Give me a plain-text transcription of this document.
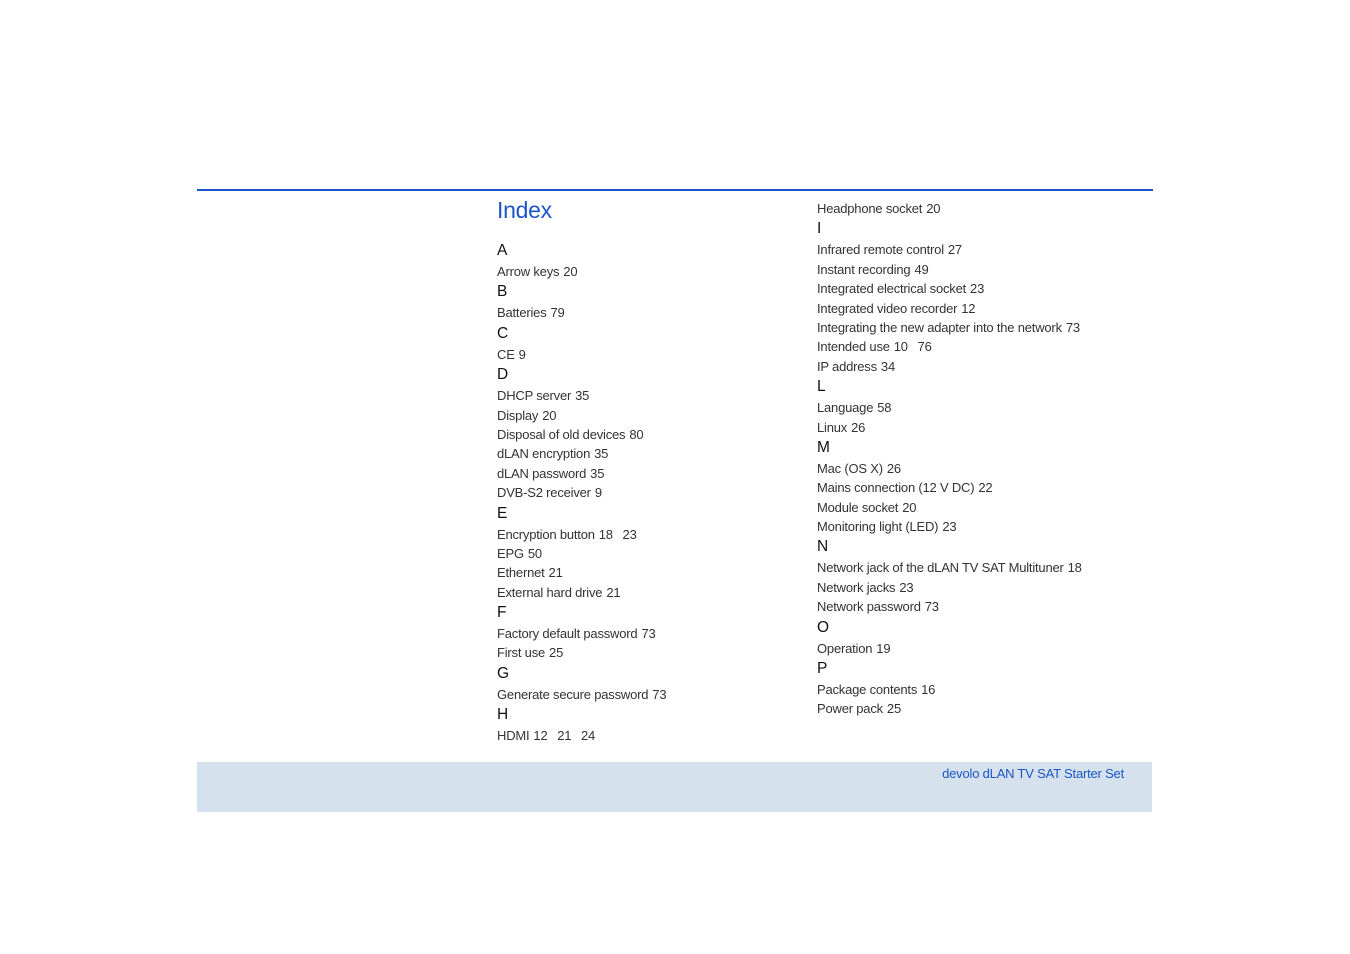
Index
A
Arrow keys 20
B
Batteries 79
C
CE 9
D
DHCP server 35
Display 20
Disposal of old devices 80
dLAN encryption 35
dLAN password 35
DVB-S2 receiver 9
E
Encryption button 18  23
EPG 50
Ethernet 21
External hard drive 21
F
Factory default password 73
First use 25
G
Generate secure password 73
H
HDMI 12  21  24
Headphone socket 20
I
Infrared remote control 27
Instant recording 49
Integrated electrical socket 23
Integrated video recorder 12
Integrating the new adapter into the network 73
Intended use 10  76
IP address 34
L
Language 58
Linux 26
M
Mac (OS X) 26
Mains connection (12 V DC) 22
Module socket 20
Monitoring light (LED) 23
N
Network jack of the dLAN TV SAT Multituner 18
Network jacks 23
Network password 73
O
Operation 19
P
Package contents 16
Power pack 25
devolo dLAN TV SAT Starter Set
